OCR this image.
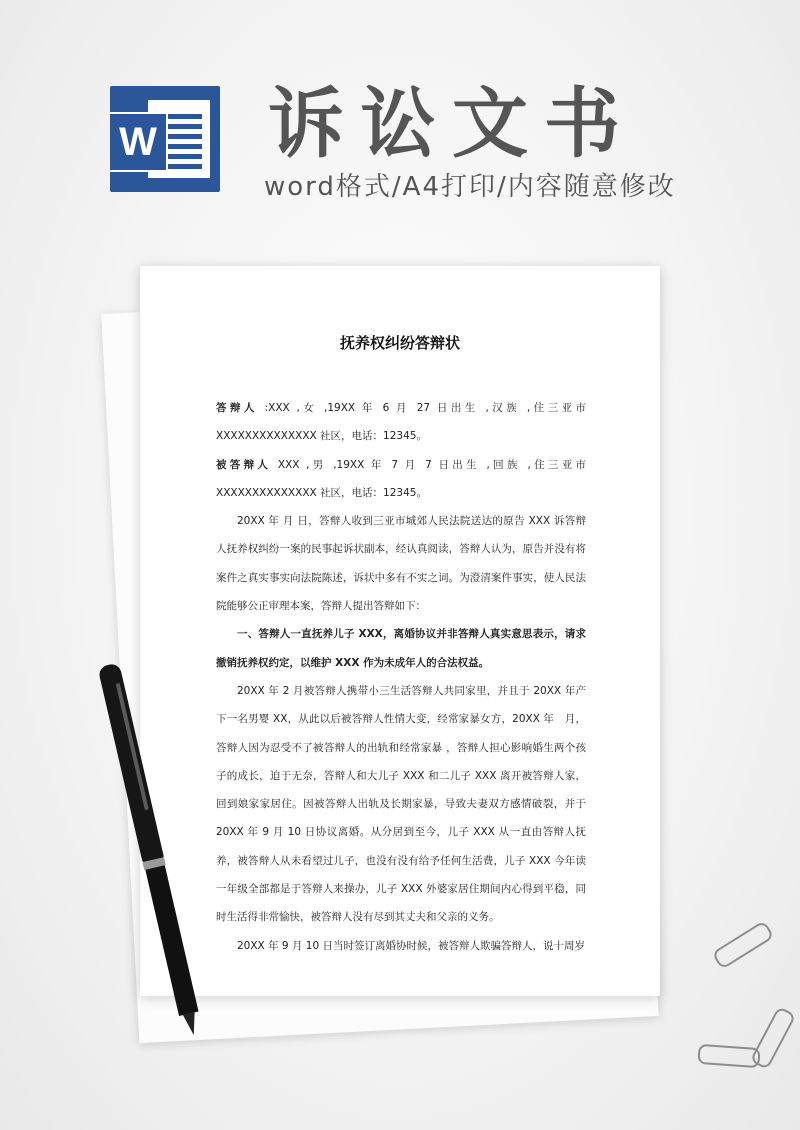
W 诉讼文书
word格式/A4打印/内容随意修改
抚养权纠纷答辩状

答辩人 :XXX ,女 ,19XX 年 6 月 27 日出生 ,汉族 ,住三亚市 XXXXXXXXXXXXXX 社区，电话：12345。

被答辩人 XXX ,男 ,19XX 年 7 月 7 日出生 ,回族 ,住三亚市 XXXXXXXXXXXXXX 社区，电话：12345。

20XX 年 月 日，答辩人收到三亚市城郊人民法院送达的原告 XXX 诉答辩人抚养权纠纷一案的民事起诉状副本，经认真阅读，答辩人认为，原告并没有将案件之真实事实向法院陈述，诉状中多有不实之词。为澄清案件事实，使人民法院能够公正审理本案，答辩人提出答辩如下：

一、答辩人一直抚养儿子 XXX，离婚协议并非答辩人真实意思表示，请求撤销抚养权约定，以维护 XXX 作为未成年人的合法权益。

20XX 年 2 月被答辩人携带小三生活答辩人共同家里，并且于 20XX 年产下一名男婴 XX，从此以后被答辩人性情大变，经常家暴女方，20XX 年　月，答辩人因为忍受不了被答辩人的出轨和经常家暴 ，答辩人担心影响婚生两个孩子的成长，迫于无奈，答辩人和大儿子 XXX 和二儿子 XXX 离开被答辩人家，回到娘家家居住。因被答辩人出轨及长期家暴，导致夫妻双方感情破裂，并于 20XX 年 9 月 10 日协议离婚。从分居到至今，儿子 XXX 从一直由答辩人抚养，被答辩人从未看望过儿子，也没有没有给予任何生活费，儿子 XXX 今年读一年级全部都是于答辩人来操办，儿子 XXX 外婆家居住期间内心得到平稳，同时生活得非常愉快，被答辩人没有尽到其丈夫和父亲的义务。

20XX 年 9 月 10 日当时签订离婚协时候，被答辩人欺骗答辩人，说十周岁
